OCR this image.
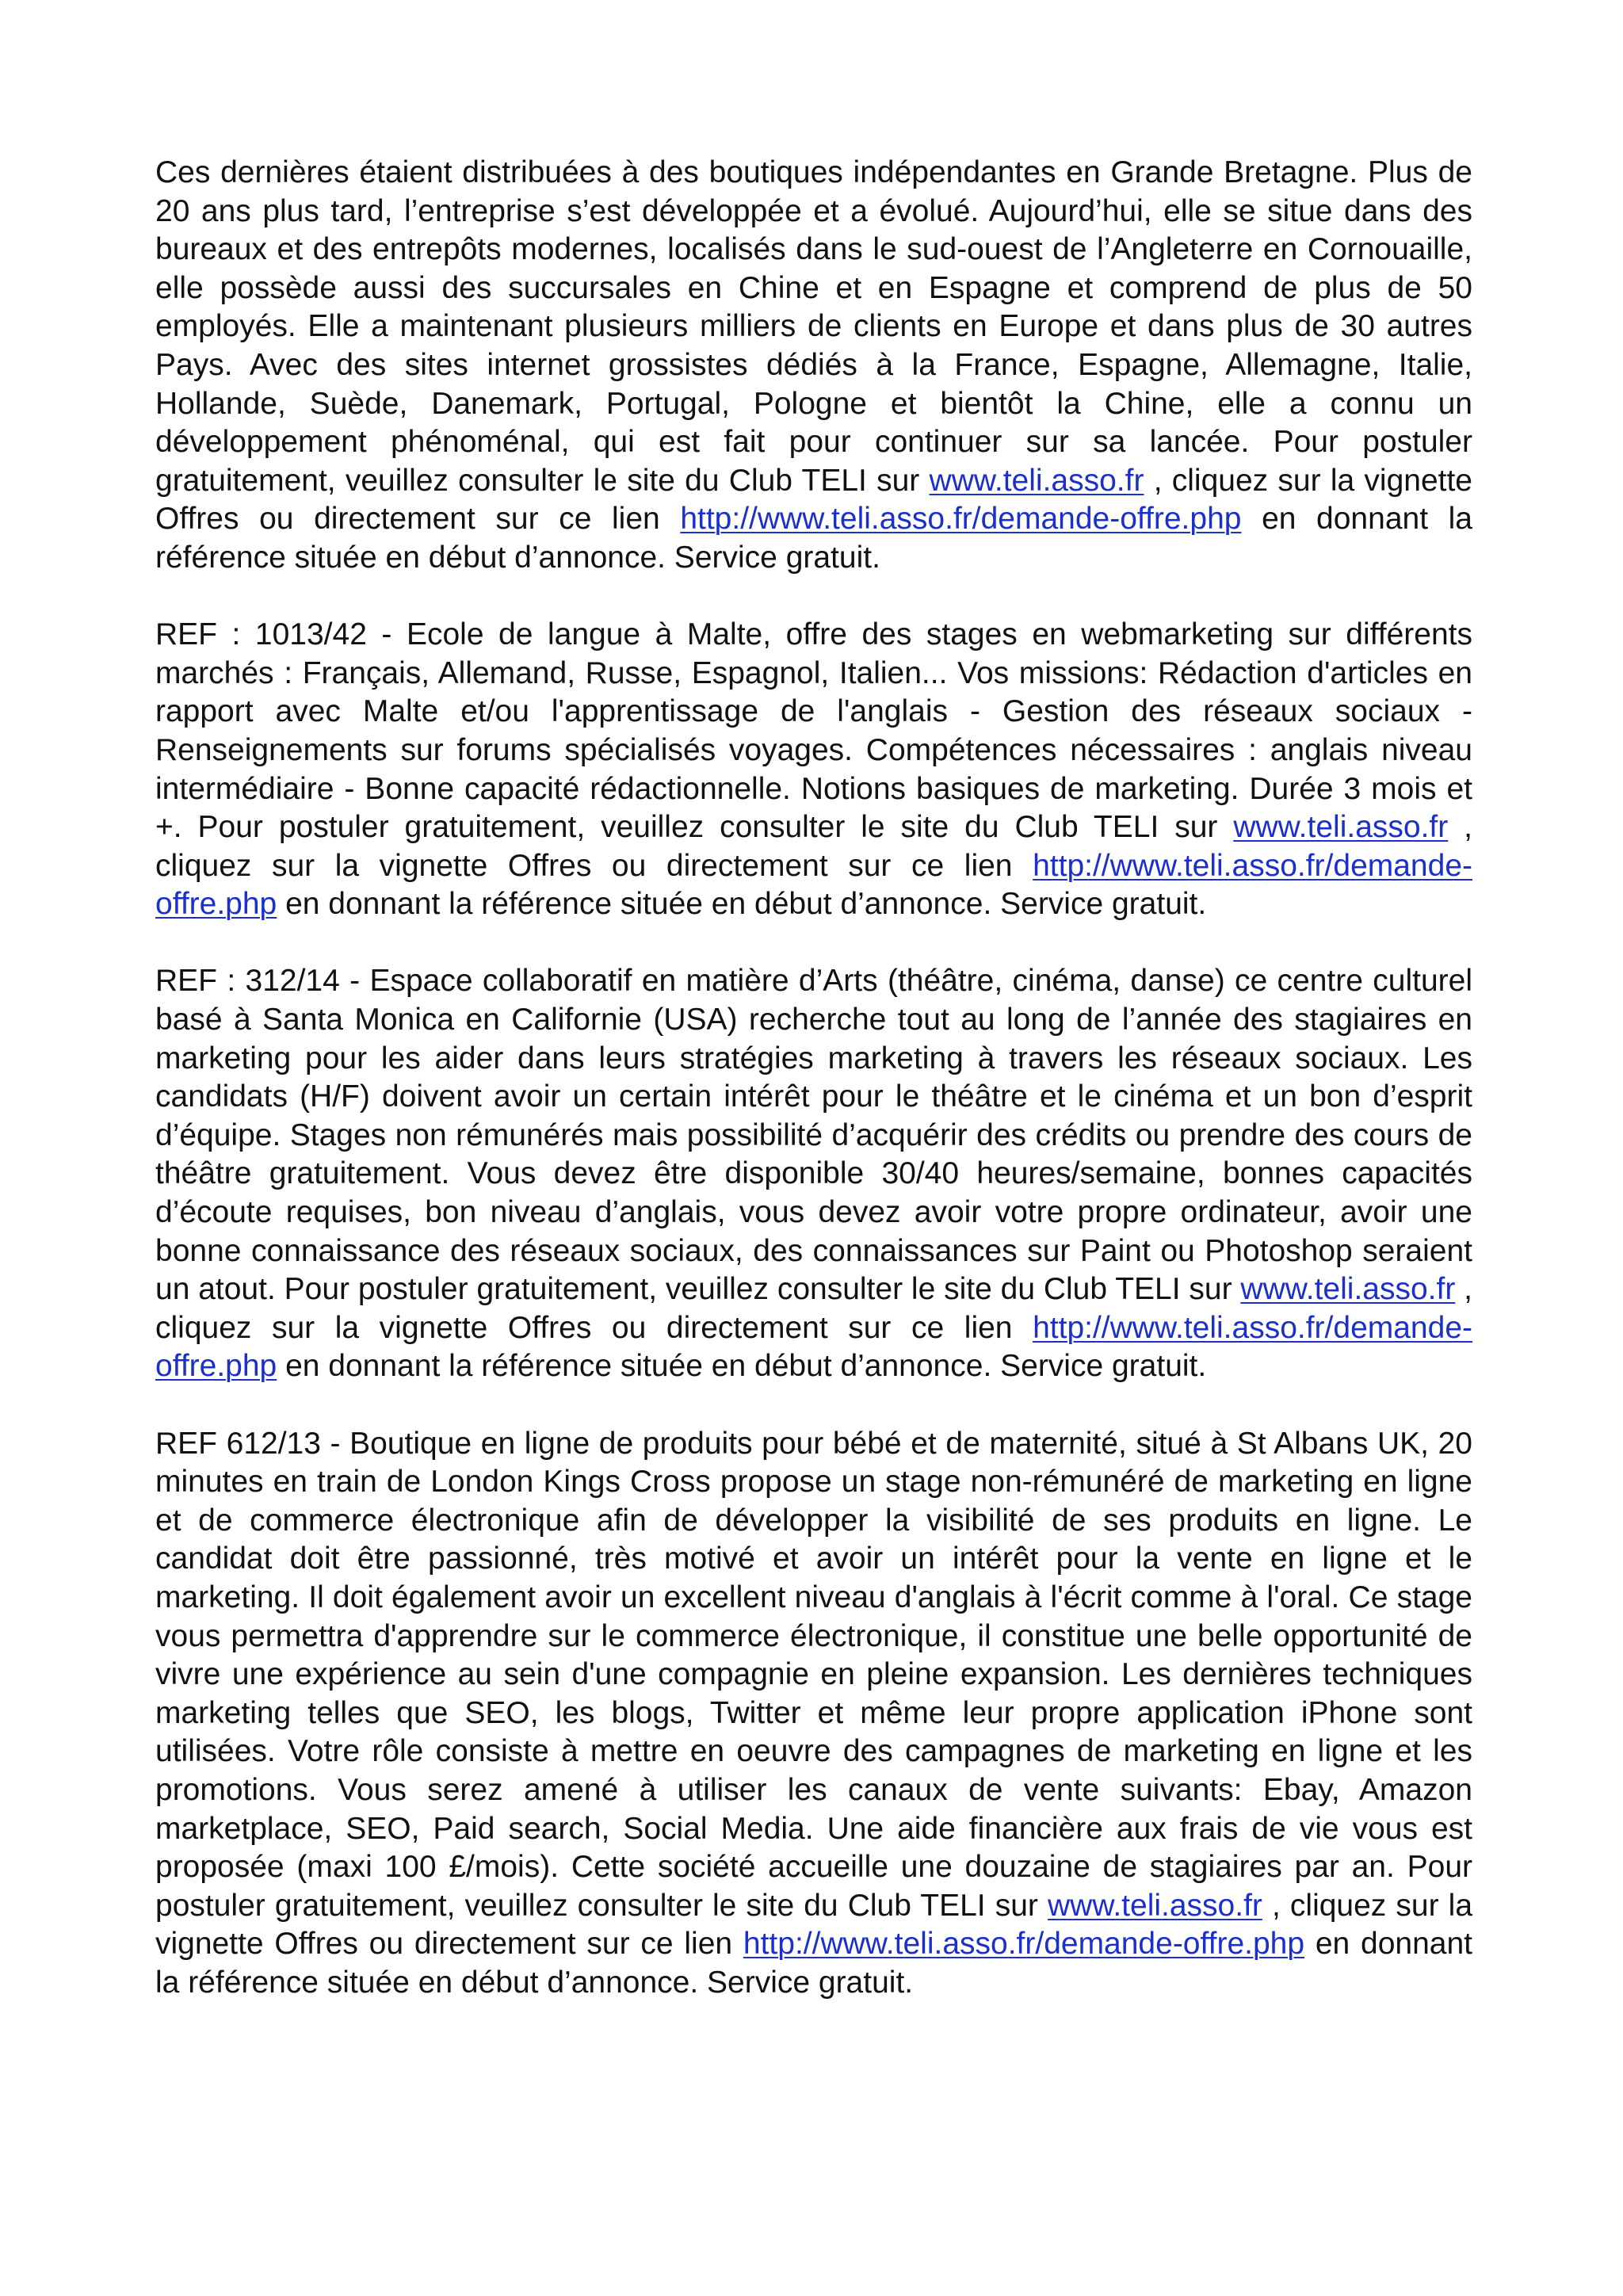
Ces dernières étaient distribuées à des boutiques indépendantes en Grande Bretagne. Plus de 20 ans plus tard, l’entreprise s’est développée et a évolué. Aujourd’hui, elle se situe dans des bureaux et des entrepôts modernes, localisés dans le sud-ouest de l’Angleterre en Cornouaille, elle possède aussi des succursales en Chine et en Espagne et comprend de plus de 50 employés. Elle a maintenant plusieurs milliers de clients en Europe et dans plus de 30 autres Pays. Avec des sites internet grossistes dédiés à la France, Espagne, Allemagne, Italie, Hollande, Suède, Danemark, Portugal, Pologne et bientôt la Chine, elle a connu un développement phénoménal, qui est fait pour continuer sur sa lancée. Pour postuler gratuitement, veuillez consulter le site du Club TELI sur www.teli.asso.fr , cliquez sur la vignette Offres ou directement sur ce lien http://www.teli.asso.fr/demande-offre.php en donnant la référence située en début d’annonce. Service gratuit.

REF : 1013/42 - Ecole de langue à Malte, offre des stages en webmarketing sur différents marchés : Français, Allemand, Russe, Espagnol, Italien... Vos missions: Rédaction d'articles en rapport avec Malte et/ou l'apprentissage de l'anglais - Gestion des réseaux sociaux - Renseignements sur forums spécialisés voyages. Compétences nécessaires : anglais niveau intermédiaire - Bonne capacité rédactionnelle. Notions basiques de marketing. Durée 3 mois et +. Pour postuler gratuitement, veuillez consulter le site du Club TELI sur www.teli.asso.fr , cliquez sur la vignette Offres ou directement sur ce lien http://www.teli.asso.fr/demande-offre.php en donnant la référence située en début d’annonce. Service gratuit.

REF : 312/14 - Espace collaboratif en matière d’Arts (théâtre, cinéma, danse) ce centre culturel basé à Santa Monica en Californie (USA) recherche tout au long de l’année des stagiaires en marketing pour les aider dans leurs stratégies marketing à travers les réseaux sociaux. Les candidats (H/F) doivent avoir un certain intérêt pour le théâtre et le cinéma et un bon d’esprit d’équipe. Stages non rémunérés mais possibilité d’acquérir des crédits ou prendre des cours de théâtre gratuitement. Vous devez être disponible 30/40 heures/semaine, bonnes capacités d’écoute requises, bon niveau d’anglais, vous devez avoir votre propre ordinateur, avoir une bonne connaissance des réseaux sociaux, des connaissances sur Paint ou Photoshop seraient un atout. Pour postuler gratuitement, veuillez consulter le site du Club TELI sur www.teli.asso.fr , cliquez sur la vignette Offres ou directement sur ce lien http://www.teli.asso.fr/demande-offre.php en donnant la référence située en début d’annonce. Service gratuit.

REF 612/13 - Boutique en ligne de produits pour bébé et de maternité, situé à St Albans UK, 20 minutes en train de London Kings Cross propose un stage non-rémunéré de marketing en ligne et de commerce électronique afin de développer la visibilité de ses produits en ligne. Le candidat doit être passionné, très motivé et avoir un intérêt pour la vente en ligne et le marketing. Il doit également avoir un excellent niveau d'anglais à l'écrit comme à l'oral. Ce stage vous permettra d'apprendre sur le commerce électronique, il constitue une belle opportunité de vivre une expérience au sein d'une compagnie en pleine expansion. Les dernières techniques marketing telles que SEO, les blogs, Twitter et même leur propre application iPhone sont utilisées. Votre rôle consiste à mettre en oeuvre des campagnes de marketing en ligne et les promotions. Vous serez amené à utiliser les canaux de vente suivants: Ebay, Amazon marketplace, SEO, Paid search, Social Media. Une aide financière aux frais de vie vous est proposée (maxi 100 £/mois). Cette société accueille une douzaine de stagiaires par an. Pour postuler gratuitement, veuillez consulter le site du Club TELI sur www.teli.asso.fr , cliquez sur la vignette Offres ou directement sur ce lien http://www.teli.asso.fr/demande-offre.php en donnant la référence située en début d’annonce. Service gratuit.
